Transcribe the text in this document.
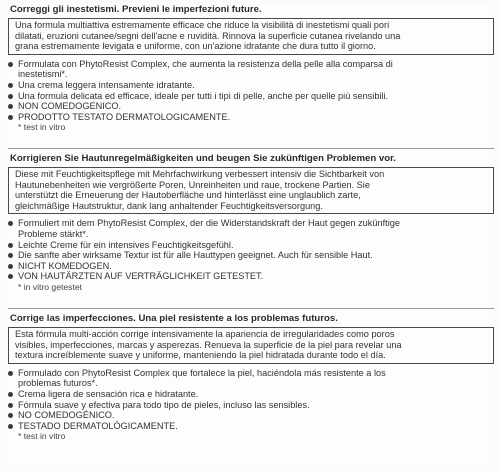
Correggi gli inestetismi. Previeni le imperfezioni future.
Una formula multiattiva estremamente efficace che riduce la visibilità di inestetismi quali pori
dilatati, eruzioni cutanee/segni dell'acne e ruvidità. Rinnova la superficie cutanea rivelando una
grana estremamente levigata e uniforme, con un'azione idratante che dura tutto il giorno.
Formulata con PhytoResist Complex, che aumenta la resistenza della pelle alla comparsa di
inestetismi*.
Una crema leggera intensamente idratante.
Una formula delicata ed efficace, ideale per tutti i tipi di pelle, anche per quelle più sensibili.
NON COMEDOGENICO.
PRODOTTO TESTATO DERMATOLOGICAMENTE.
* test in vitro
Korrigieren Sie Hautunregelmäßigkeiten und beugen Sie zukünftigen Problemen vor.
Diese mit Feuchtigkeitspflege mit Mehrfachwirkung verbessert intensiv die Sichtbarkeit von
Hautunebenheiten wie vergrößerte Poren, Unreinheiten und raue, trockene Partien. Sie
unterstützt die Erneuerung der Hautoberfläche und hinterlässt eine unglaublich zarte,
gleichmäßige Hautstruktur, dank lang anhaltender Feuchtigkeitsversorgung.
Formuliert mit dem PhytoResist Complex, der die Widerstandskraft der Haut gegen zukünftige
Probleme stärkt*.
Leichte Creme für ein intensives Feuchtigkeitsgefühl.
Die sanfte aber wirksame Textur ist für alle Hauttypen geeignet. Auch für sensible Haut.
NICHT KOMEDOGEN.
VON HAUTÄRZTEN AUF VERTRÄGLICHKEIT GETESTET.
* in vitro getestet
Corrige las imperfecciones. Una piel resistente a los problemas futuros.
Esta fórmula multi-acción corrige intensivamente la apariencia de irregularidades como poros
visibles, imperfecciones, marcas y asperezas. Renueva la superficie de la piel para revelar una
textura increíblemente suave y uniforme, manteniendo la piel hidratada durante todo el día.
Formulado con PhytoResist Complex que fortalece la piel, haciéndola más resistente a los
problemas futuros*.
Crema ligera de sensación rica e hidratante.
Fórmula suave y efectiva para todo tipo de pieles, incluso las sensibles.
NO COMEDOGÉNICO.
TESTADO DERMATOLÓGICAMENTE.
* test in vitro
